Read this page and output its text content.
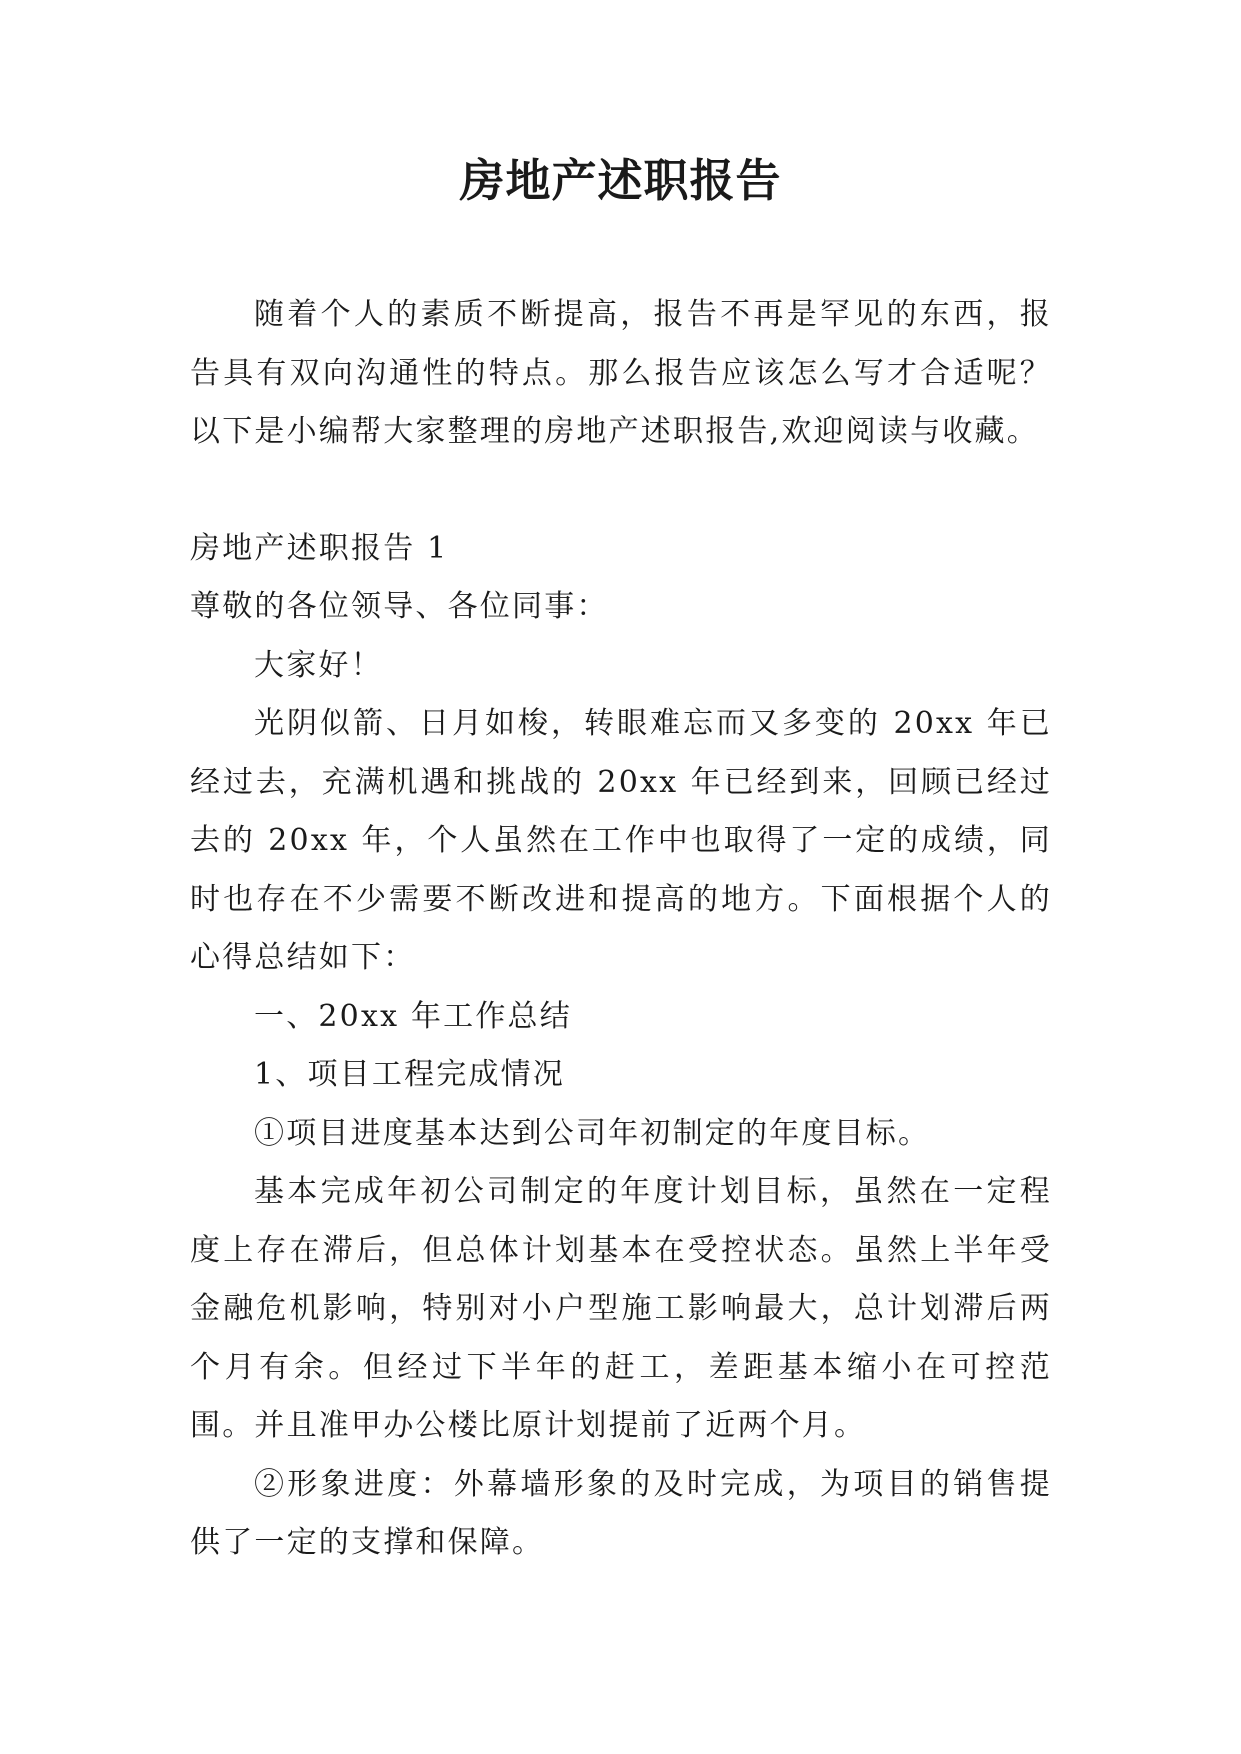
房地产述职报告

随着个人的素质不断提高，报告不再是罕见的东西，报告具有双向沟通性的特点。那么报告应该怎么写才合适呢？以下是小编帮大家整理的房地产述职报告,欢迎阅读与收藏。

房地产述职报告 1

尊敬的各位领导、各位同事：

大家好！

光阴似箭、日月如梭，转眼难忘而又多变的 20xx 年已经过去，充满机遇和挑战的 20xx 年已经到来，回顾已经过去的 20xx 年，个人虽然在工作中也取得了一定的成绩，同时也存在不少需要不断改进和提高的地方。下面根据个人的心得总结如下：

一、20xx 年工作总结

1、项目工程完成情况

①项目进度基本达到公司年初制定的年度目标。

基本完成年初公司制定的年度计划目标，虽然在一定程度上存在滞后，但总体计划基本在受控状态。虽然上半年受金融危机影响，特别对小户型施工影响最大，总计划滞后两个月有余。但经过下半年的赶工，差距基本缩小在可控范围。并且准甲办公楼比原计划提前了近两个月。

②形象进度：外幕墙形象的及时完成，为项目的销售提供了一定的支撑和保障。
